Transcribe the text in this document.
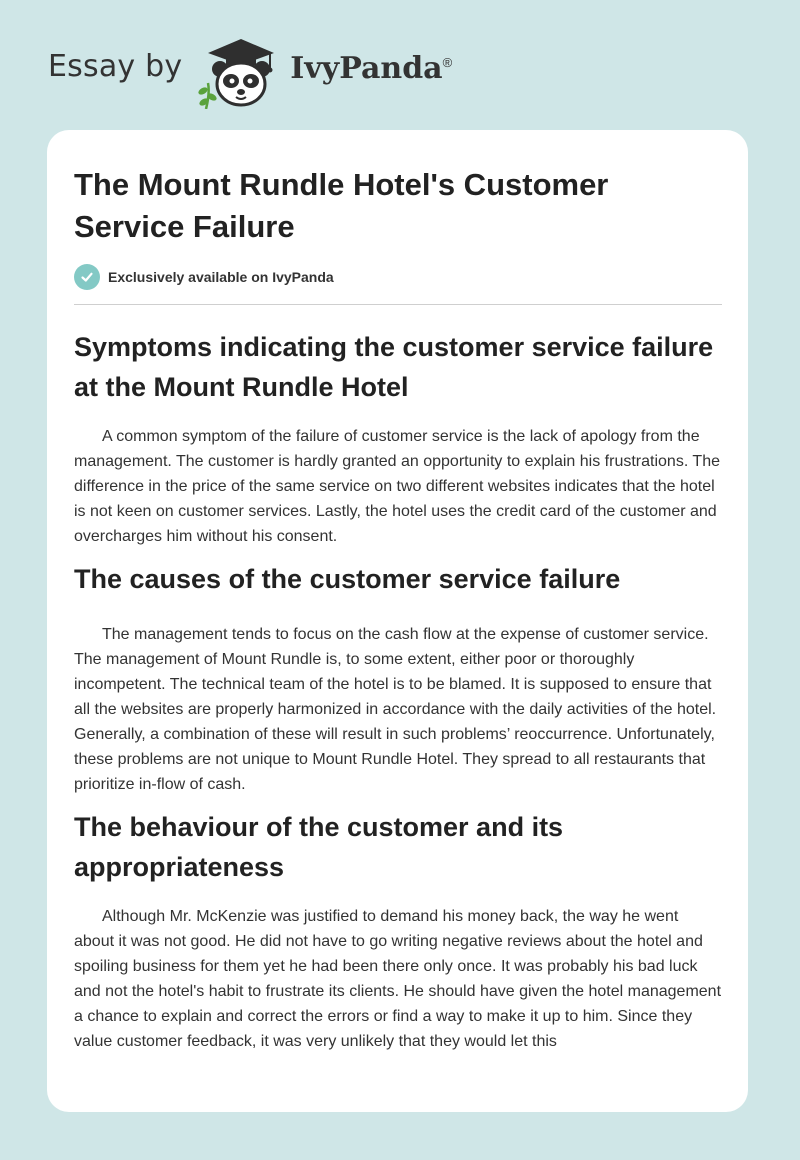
Essay by	IvyPanda®
The Mount Rundle Hotel's Customer Service Failure
Exclusively available on IvyPanda
Symptoms indicating the customer service failure at the Mount Rundle Hotel

A common symptom of the failure of customer service is the lack of apology from the management. The customer is hardly granted an opportunity to explain his frustrations. The difference in the price of the same service on two different websites indicates that the hotel is not keen on customer services. Lastly, the hotel uses the credit card of the customer and overcharges him without his consent.

The causes of the customer service failure

The management tends to focus on the cash flow at the expense of customer service. The management of Mount Rundle is, to some extent, either poor or thoroughly incompetent. The technical team of the hotel is to be blamed. It is supposed to ensure that all the websites are properly harmonized in accordance with the daily activities of the hotel. Generally, a combination of these will result in such problems’ reoccurrence. Unfortunately, these problems are not unique to Mount Rundle Hotel. They spread to all restaurants that prioritize in-flow of cash.

The behaviour of the customer and its appropriateness

Although Mr. McKenzie was justified to demand his money back, the way he went about it was not good. He did not have to go writing negative reviews about the hotel and spoiling business for them yet he had been there only once. It was probably his bad luck and not the hotel's habit to frustrate its clients. He should have given the hotel management a chance to explain and correct the errors or find a way to make it up to him. Since they value customer feedback, it was very unlikely that they would let this
